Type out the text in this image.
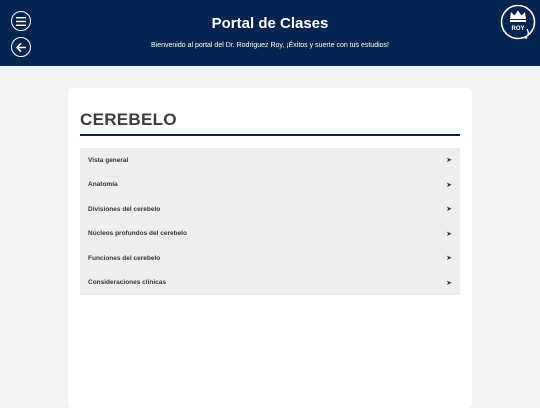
Portal de Clases
Bienvenido al portal del Dr. Rodriguez Roy, ¡Éxitos y suerte con tus estudios!
ROY
CEREBELO
Vista general	➤
Anatomía	➤
Divisiones del cerebelo	➤
Núcleos profundos del cerebelo	➤
Funciones del cerebelo	➤
Consideraciones clínicas	➤
